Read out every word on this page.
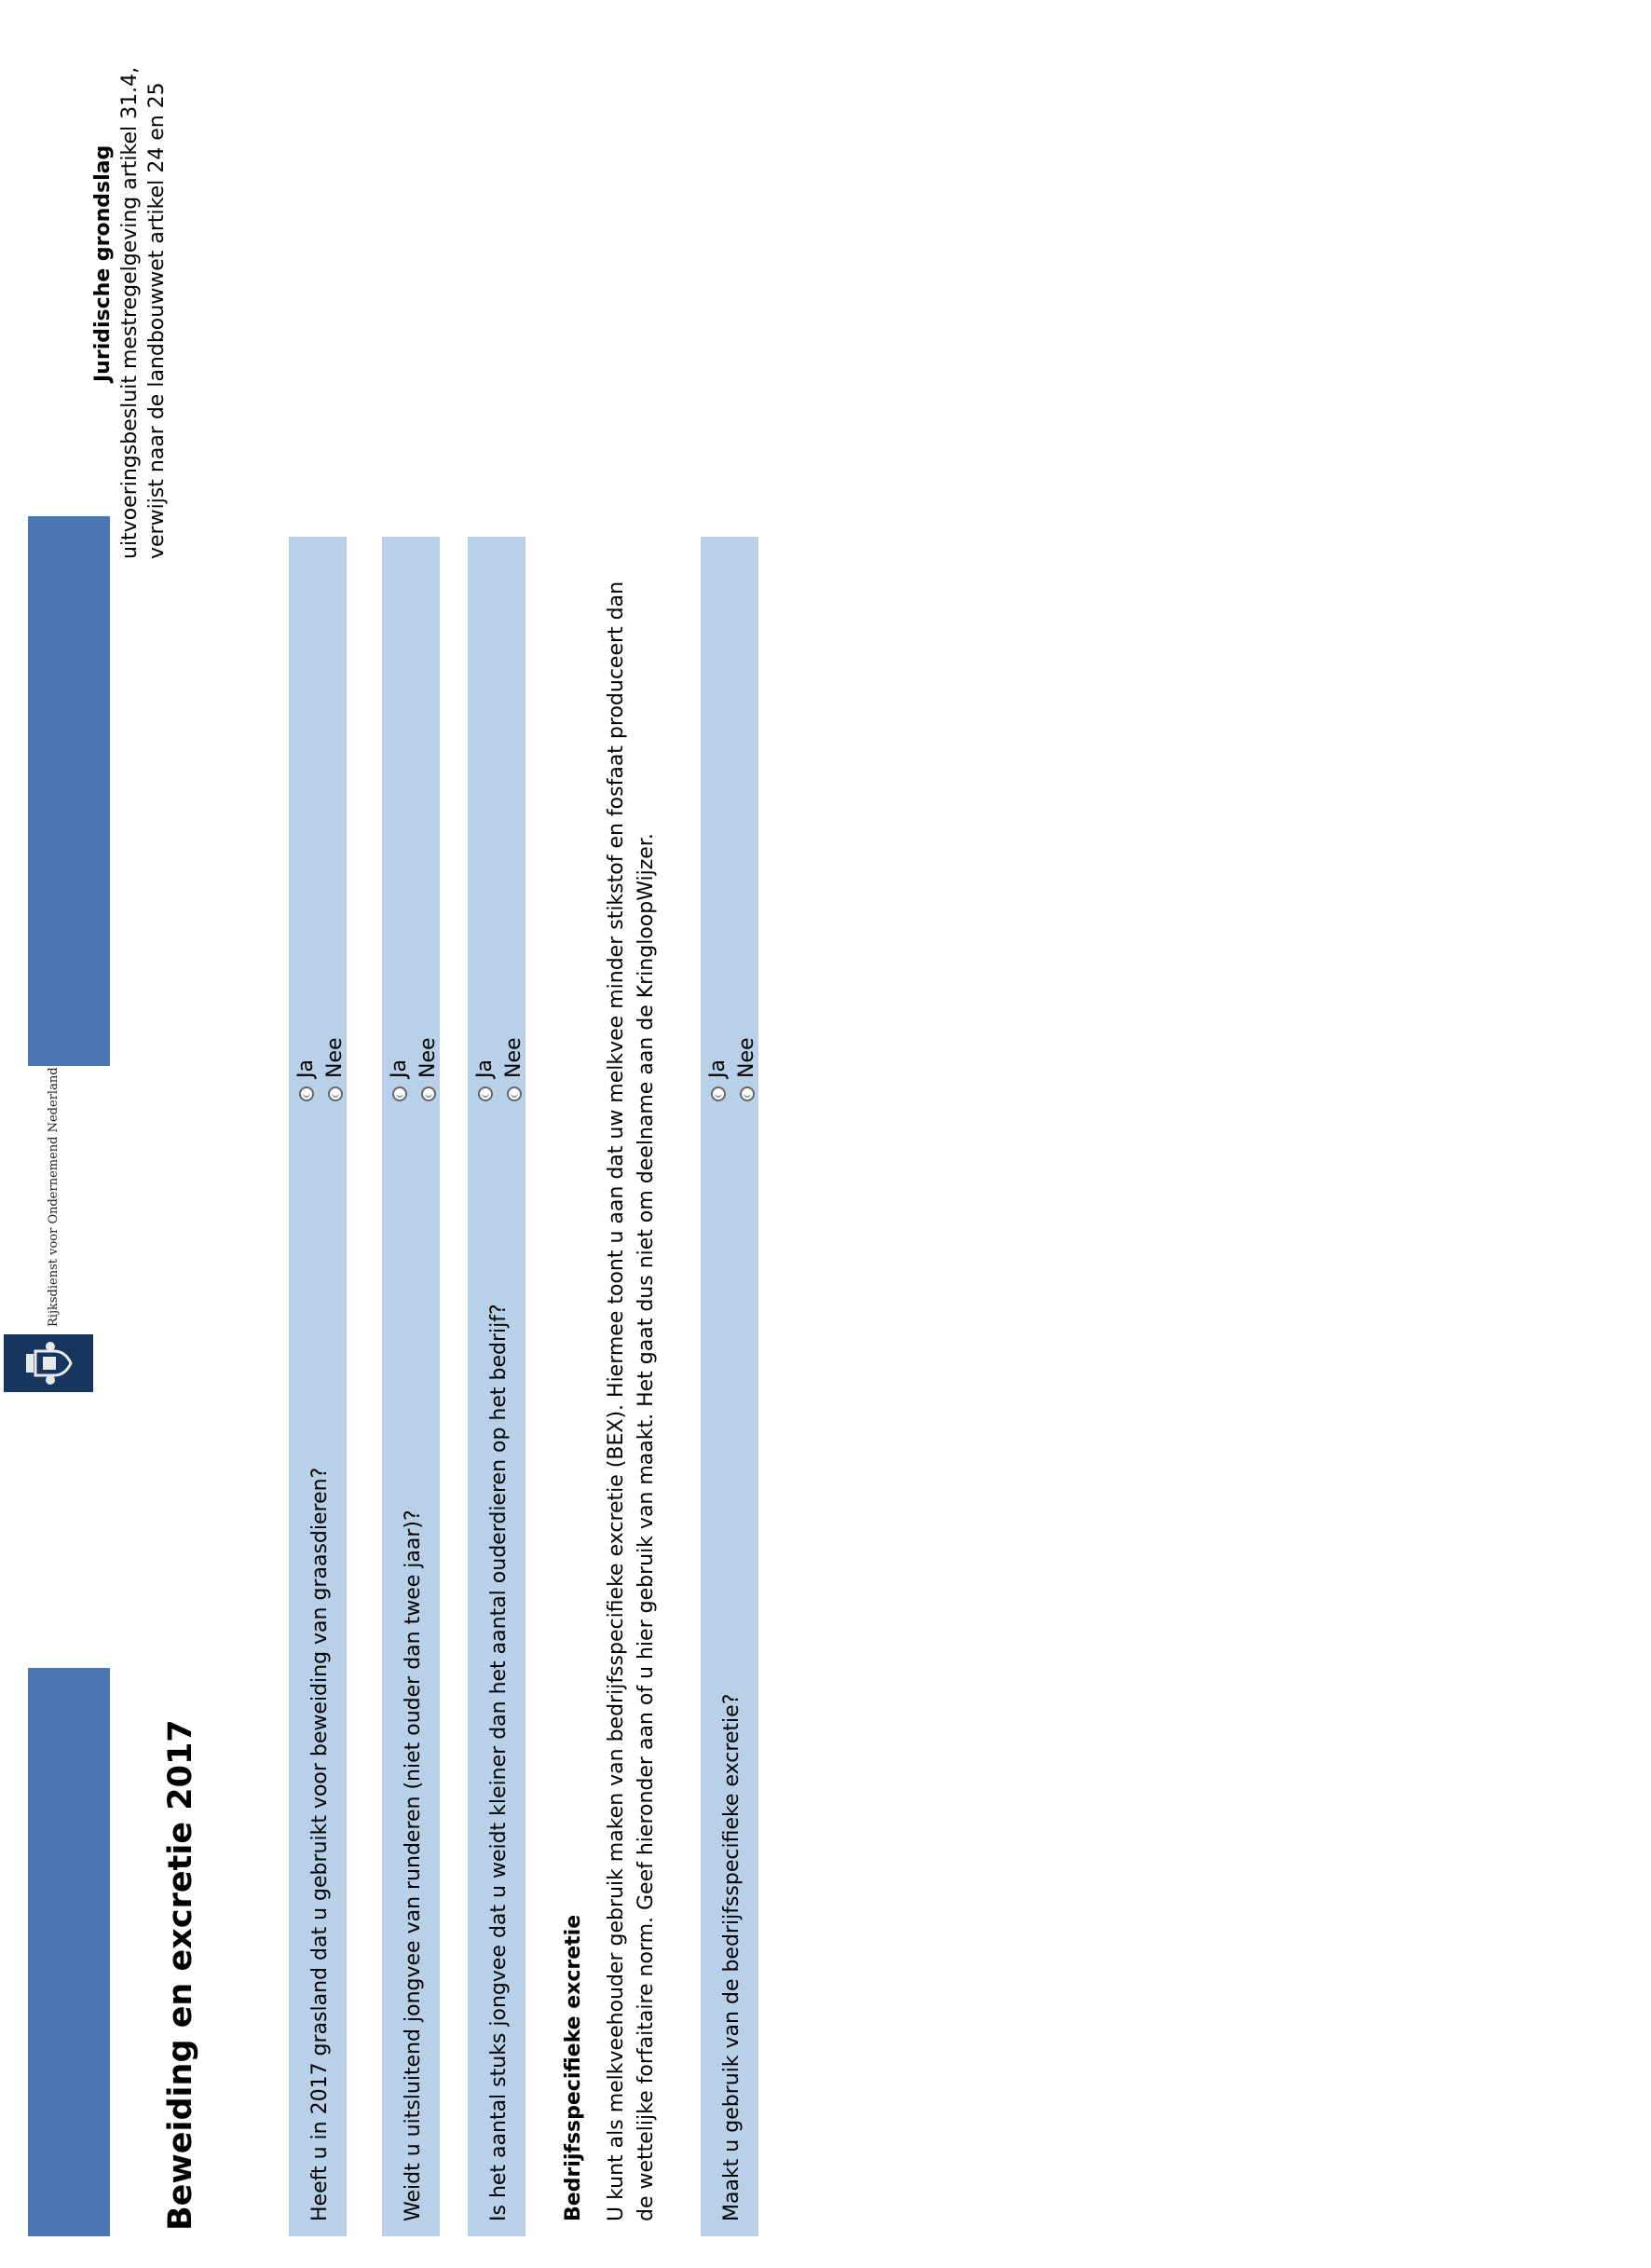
Rijksdienst voor Ondernemend Nederland
Beweiding en excretie 2017	Heeft u in 2017 grasland dat u gebruikt voor beweiding van graasdieren?
Ja Nee
Weidt u uitsluitend jongvee van runderen (niet ouder dan twee jaar)?
Ja Nee
Is het aantal stuks jongvee dat u weidt kleiner dan het aantal ouderdieren op het bedrijf?
Ja Nee
Bedrijfsspecifieke excretie U kunt als melkveehouder gebruik maken van bedrijfsspecifieke excretie (BEX). Hiermee toont u aan dat uw melkvee minder stikstof en fosfaat produceert dan de wettelijke forfaitaire norm. Geef hieronder aan of u hier gebruik van maakt. Het gaat dus niet om deelname aan de KringloopWijzer.	Maakt u gebruik van de bedrijfsspecifieke excretie?
Ja Nee
Juridische grondslag uitvoeringsbesluit mestregelgeving artikel 31.4, verwijst naar de landbouwwet artikel 24 en 25
